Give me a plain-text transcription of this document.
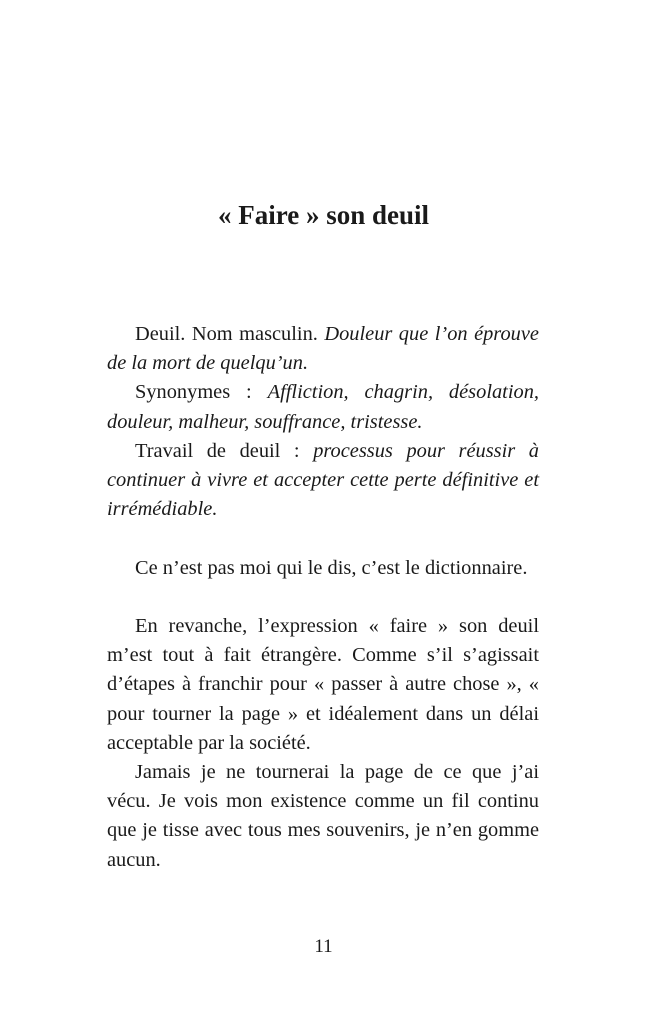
« Faire » son deuil

Deuil. Nom masculin. Douleur que l’on éprouve de la mort de quelqu’un.

Synonymes : Affliction, chagrin, désolation, douleur, malheur, souffrance, tristesse.

Travail de deuil : processus pour réussir à continuer à vivre et accepter cette perte définitive et irrémédiable.

Ce n’est pas moi qui le dis, c’est le dictionnaire.

En revanche, l’expression « faire » son deuil m’est tout à fait étrangère. Comme s’il s’agissait d’étapes à franchir pour « passer à autre chose », « pour tourner la page » et idéalement dans un délai acceptable par la société.

Jamais je ne tournerai la page de ce que j’ai vécu. Je vois mon existence comme un fil continu que je tisse avec tous mes souvenirs, je n’en gomme aucun.

11
